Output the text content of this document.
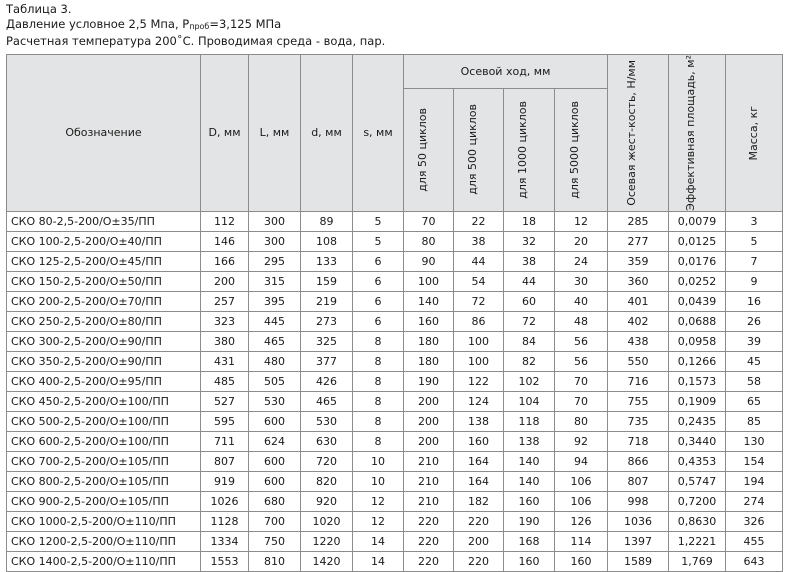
Таблица 3.
Давление условное 2,5 Мпа, $P_{проб}=3,125$ МПа
Расчетная температура 200˚С. Проводимая среда - вода, пар.
Обозначение	D, мм	L, мм	d, мм	s, мм	Осевой ход, мм				Осевая жест-кость, Н/мм	Эффективная площадь, м²	Масса, кг

					для 50 циклов	для 500 циклов	для 1000 циклов	для 5000 циклов			

СКО 80-2,5-200/О±35/ПП	112	300	89	5	70	22	18	12	285	0,0079	3
СКО 100-2,5-200/О±40/ПП	146	300	108	5	80	38	32	20	277	0,0125	5
СКО 125-2,5-200/О±45/ПП	166	295	133	6	90	44	38	24	359	0,0176	7
СКО 150-2,5-200/О±50/ПП	200	315	159	6	100	54	44	30	360	0,0252	9
СКО 200-2,5-200/О±70/ПП	257	395	219	6	140	72	60	40	401	0,0439	16
СКО 250-2,5-200/О±80/ПП	323	445	273	6	160	86	72	48	402	0,0688	26
СКО 300-2,5-200/О±90/ПП	380	465	325	8	180	100	84	56	438	0,0958	39
СКО 350-2,5-200/О±90/ПП	431	480	377	8	180	100	82	56	550	0,1266	45
СКО 400-2,5-200/О±95/ПП	485	505	426	8	190	122	102	70	716	0,1573	58
СКО 450-2,5-200/О±100/ПП	527	530	465	8	200	124	104	70	755	0,1909	65
СКО 500-2,5-200/О±100/ПП	595	600	530	8	200	138	118	80	735	0,2435	85
СКО 600-2,5-200/О±100/ПП	711	624	630	8	200	160	138	92	718	0,3440	130
СКО 700-2,5-200/О±105/ПП	807	600	720	10	210	164	140	94	866	0,4353	154
СКО 800-2,5-200/О±105/ПП	919	600	820	10	210	164	140	106	807	0,5747	194
СКО 900-2,5-200/О±105/ПП	1026	680	920	12	210	182	160	106	998	0,7200	274
СКО 1000-2,5-200/О±110/ПП	1128	700	1020	12	220	220	190	126	1036	0,8630	326
СКО 1200-2,5-200/О±110/ПП	1334	750	1220	14	220	200	168	114	1397	1,2221	455
СКО 1400-2,5-200/О±110/ПП	1553	810	1420	14	220	220	160	160	1589	1,769	643
